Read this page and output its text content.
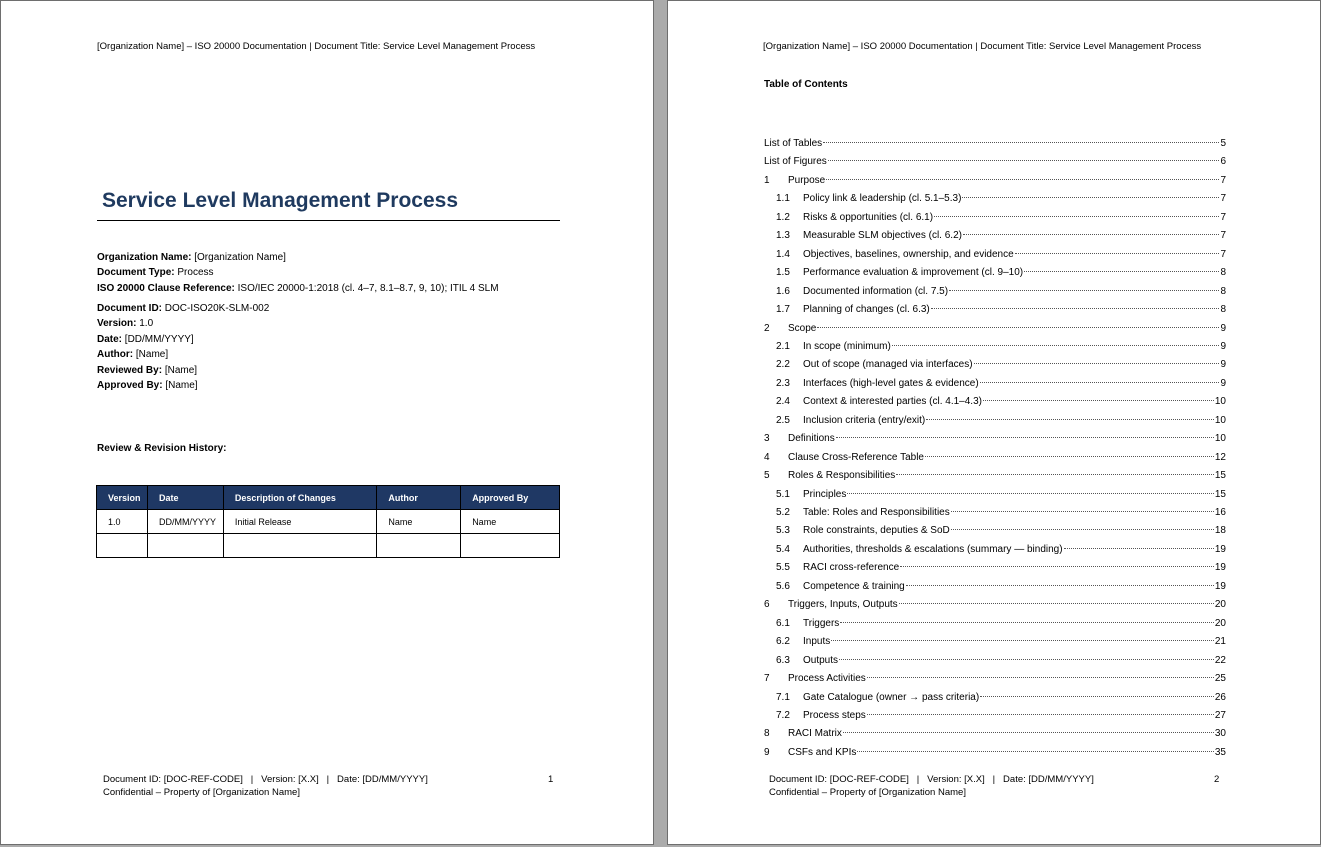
[Organization Name] – ISO 20000 Documentation | Document Title: Service Level Management Process
Service Level Management Process
Organization Name: [Organization Name]
Document Type: Process
ISO 20000 Clause Reference: ISO/IEC 20000-1:2018 (cl. 4–7, 8.1–8.7, 9, 10); ITIL 4 SLM
Document ID: DOC-ISO20K-SLM-002
Version: 1.0
Date: [DD/MM/YYYY]
Author: [Name]
Reviewed By: [Name]
Approved By: [Name]
Review & Revision History:
Version	Date	Description of Changes	Author	Approved By
1.0	DD/MM/YYYY	Initial Release	Name	Name

Document ID: [DOC-REF-CODE]   |   Version: [X.X]   |   Date: [DD/MM/YYYY]
Confidential – Property of [Organization Name]
1
[Organization Name] – ISO 20000 Documentation | Document Title: Service Level Management Process
Table of Contents
List of Tables	5
List of Figures	6
1	Purpose	7
1.1	Policy link & leadership (cl. 5.1–5.3)	7
1.2	Risks & opportunities (cl. 6.1)	7
1.3	Measurable SLM objectives (cl. 6.2)	7
1.4	Objectives, baselines, ownership, and evidence	7
1.5	Performance evaluation & improvement (cl. 9–10)	8
1.6	Documented information (cl. 7.5)	8
1.7	Planning of changes (cl. 6.3)	8
2	Scope	9
2.1	In scope (minimum)	9
2.2	Out of scope (managed via interfaces)	9
2.3	Interfaces (high-level gates & evidence)	9
2.4	Context & interested parties (cl. 4.1–4.3)	10
2.5	Inclusion criteria (entry/exit)	10
3	Definitions	10
4	Clause Cross-Reference Table	12
5	Roles & Responsibilities	15
5.1	Principles	15
5.2	Table: Roles and Responsibilities	16
5.3	Role constraints, deputies & SoD	18
5.4	Authorities, thresholds & escalations (summary — binding)	19
5.5	RACI cross-reference	19
5.6	Competence & training	19
6	Triggers, Inputs, Outputs	20
6.1	Triggers	20
6.2	Inputs	21
6.3	Outputs	22
7	Process Activities	25
7.1	Gate Catalogue (owner → pass criteria)	26
7.2	Process steps	27
8	RACI Matrix	30
9	CSFs and KPIs	35
Document ID: [DOC-REF-CODE]   |   Version: [X.X]   |   Date: [DD/MM/YYYY]
Confidential – Property of [Organization Name]
2
